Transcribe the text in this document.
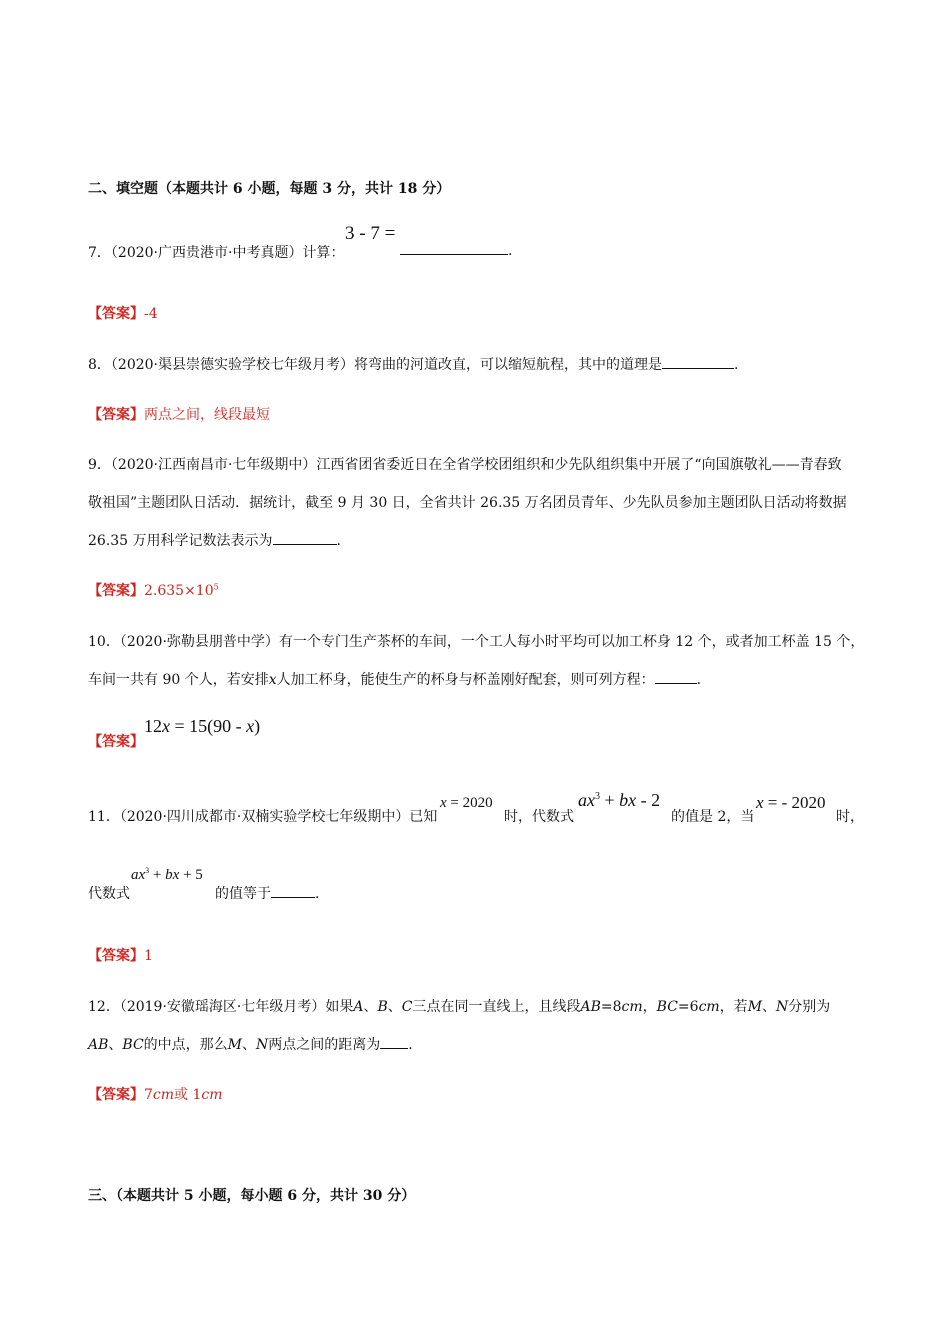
二、填空题（本题共计 6 小题，每题 3 分，共计 18 分）
7．（2020·广西贵港市·中考真题）计算：
3 - 7 =
.
【答案】-4
8．（2020·渠县崇德实验学校七年级月考）将弯曲的河道改直，可以缩短航程，其中的道理是	.
【答案】两点之间，线段最短
9．（2020·江西南昌市·七年级期中）江西省团省委近日在全省学校团组织和少先队组织集中开展了“向国旗敬礼——青春致
敬祖国”主题团队日活动．据统计，截至 9 月 30 日，全省共计 26.35 万名团员青年、少先队员参加主题团队日活动将数据
26.35 万用科学记数法表示为	.
【答案】$2.635\times 10^5$
10．（2020·弥勒县朋普中学）有一个专门生产茶杯的车间，一个工人每小时平均可以加工杯身 12 个，或者加工杯盖 15 个，
车间一共有 90 个人，若安排x人加工杯身，能使生产的杯身与杯盖刚好配套，则可列方程：	.
【答案】
12x = 15(90 - x)
11．（2020·四川成都市·双楠实验学校七年级期中）已知
x = 2020
时，代数式
$ax^3$ + bx - 2
的值是 2，当
x = - 2020
时，
代数式
$ax^3$ + bx + 5
的值等于	.
【答案】1
12．（2019·安徽瑶海区·七年级月考）如果A、B、C三点在同一直线上，且线段AB=8cm，BC=6cm，若M、N分别为
AB、BC的中点，那么M、N两点之间的距离为 .
【答案】7cm或 1cm
三、（本题共计 5 小题，每小题 6 分，共计 30 分）
